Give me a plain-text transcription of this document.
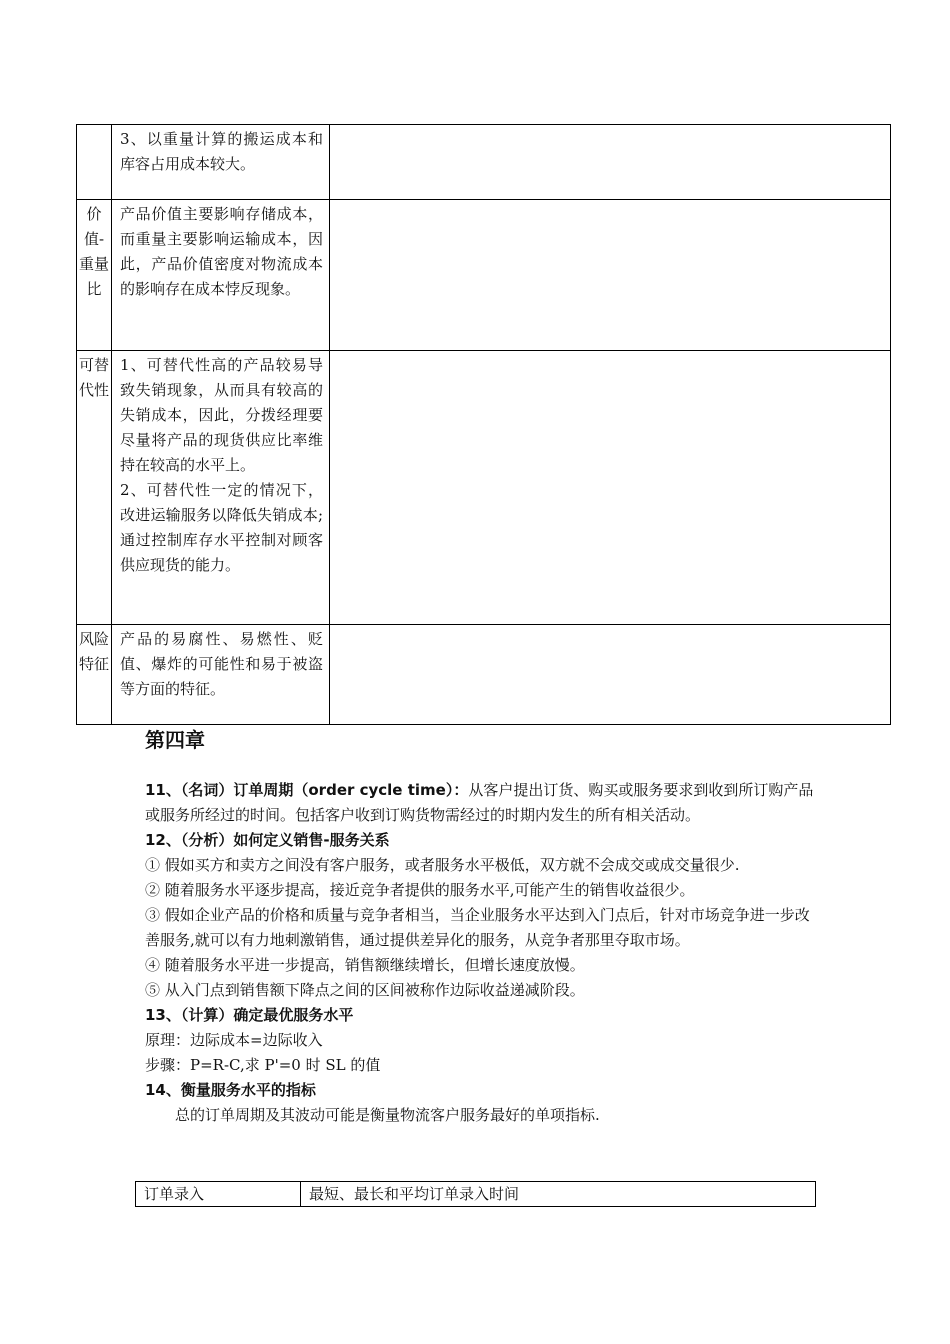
	3、以重量计算的搬运成本和库容占用成本较大。	

价值-重量比	产品价值主要影响存储成本，而重量主要影响运输成本，因此，产品价值密度对物流成本的影响存在成本悖反现象。	

可替代性	1、可替代性高的产品较易导致失销现象，从而具有较高的失销成本，因此，分拨经理要尽量将产品的现货供应比率维持在较高的水平上。
2、可替代性一定的情况下，改进运输服务以降低失销成本;通过控制库存水平控制对顾客供应现货的能力。	

风险特征	产品的易腐性、易燃性、贬值、爆炸的可能性和易于被盗等方面的特征。	

第四章
11、（名词）订单周期（order cycle time）：从客户提出订货、购买或服务要求到收到所订购产品或服务所经过的时间。包括客户收到订购货物需经过的时期内发生的所有相关活动。
12、（分析）如何定义销售-服务关系
① 假如买方和卖方之间没有客户服务，或者服务水平极低，双方就不会成交或成交量很少.
② 随着服务水平逐步提高，接近竞争者提供的服务水平,可能产生的销售收益很少。
③ 假如企业产品的价格和质量与竞争者相当，当企业服务水平达到入门点后，针对市场竞争进一步改善服务,就可以有力地刺激销售，通过提供差异化的服务，从竞争者那里夺取市场。
④ 随着服务水平进一步提高，销售额继续增长，但增长速度放慢。
⑤ 从入门点到销售额下降点之间的区间被称作边际收益递减阶段。
13、（计算）确定最优服务水平
原理：边际成本=边际收入
步骤：P=R-C,求 P'=0 时 SL 的值
14、衡量服务水平的指标
总的订单周期及其波动可能是衡量物流客户服务最好的单项指标.
订单录入	最短、最长和平均订单录入时间
